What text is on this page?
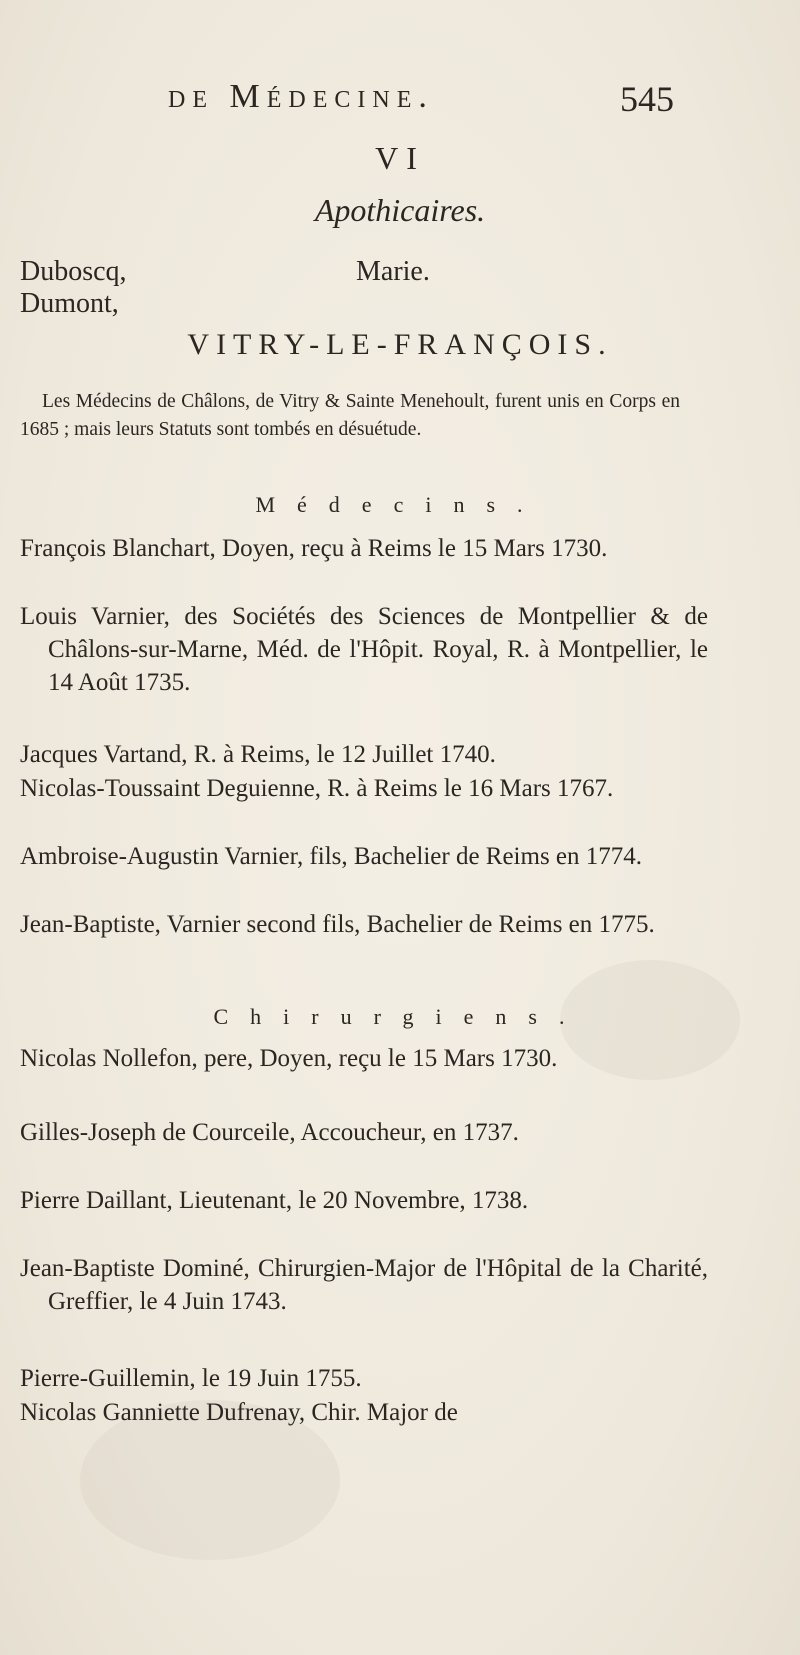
de Médecine.	545
VI
Apothicaires.
Duboscq,	Marie.
Dumont,
VITRY-LE-FRANÇOIS.
Les Médecins de Châlons, de Vitry & Sainte Menehoult, furent unis en Corps en 1685 ; mais leurs Statuts sont tombés en désuétude.
Médecins.
François Blanchart, Doyen, reçu à Reims le 15 Mars 1730.
Louis Varnier, des Sociétés des Sciences de Montpellier & de Châlons-sur-Marne, Méd. de l'Hôpit. Royal, R. à Montpellier, le 14 Août 1735.
Jacques Vartand, R. à Reims, le 12 Juillet 1740.
Nicolas-Toussaint Deguienne, R. à Reims le 16 Mars 1767.
Ambroise-Augustin Varnier, fils, Bachelier de Reims en 1774.
Jean-Baptiste, Varnier second fils, Bachelier de Reims en 1775.
Chirurgiens.
Nicolas Nollefon, pere, Doyen, reçu le 15 Mars 1730.
Gilles-Joseph de Courceile, Accoucheur, en 1737.
Pierre Daillant, Lieutenant, le 20 Novembre, 1738.
Jean-Baptiste Dominé, Chirurgien-Major de l'Hôpital de la Charité, Greffier, le 4 Juin 1743.
Pierre-Guillemin, le 19 Juin 1755.
Nicolas Ganniette Dufrenay, Chir. Major de
